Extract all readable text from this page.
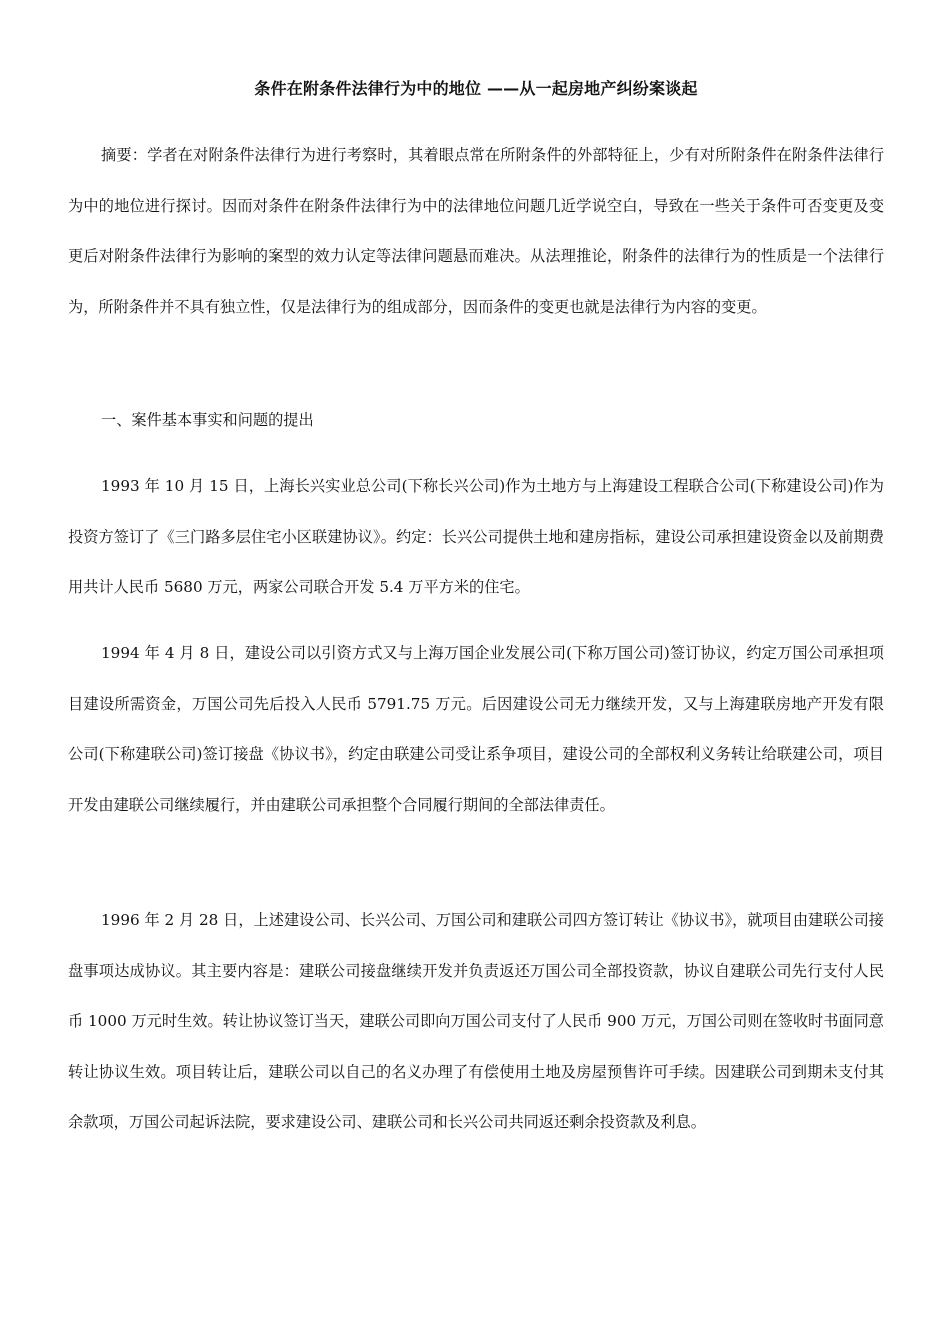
条件在附条件法律行为中的地位 ——从一起房地产纠纷案谈起

摘要：学者在对附条件法律行为进行考察时，其着眼点常在所附条件的外部特征上，少有对所附条件在附条件法律行为中的地位进行探讨。因而对条件在附条件法律行为中的法律地位问题几近学说空白，导致在一些关于条件可否变更及变更后对附条件法律行为影响的案型的效力认定等法律问题悬而难决。从法理推论，附条件的法律行为的性质是一个法律行为，所附条件并不具有独立性，仅是法律行为的组成部分，因而条件的变更也就是法律行为内容的变更。

一、案件基本事实和问题的提出

1993 年 10 月 15 日，上海长兴实业总公司(下称长兴公司)作为土地方与上海建设工程联合公司(下称建设公司)作为投资方签订了《三门路多层住宅小区联建协议》。约定：长兴公司提供土地和建房指标，建设公司承担建设资金以及前期费用共计人民币 5680 万元，两家公司联合开发 5.4 万平方米的住宅。

1994 年 4 月 8 日，建设公司以引资方式又与上海万国企业发展公司(下称万国公司)签订协议，约定万国公司承担项目建设所需资金，万国公司先后投入人民币 5791.75 万元。后因建设公司无力继续开发，又与上海建联房地产开发有限公司(下称建联公司)签订接盘《协议书》，约定由联建公司受让系争项目，建设公司的全部权利义务转让给联建公司，项目开发由建联公司继续履行，并由建联公司承担整个合同履行期间的全部法律责任。

1996 年 2 月 28 日，上述建设公司、长兴公司、万国公司和建联公司四方签订转让《协议书》，就项目由建联公司接盘事项达成协议。其主要内容是：建联公司接盘继续开发并负责返还万国公司全部投资款，协议自建联公司先行支付人民币 1000 万元时生效。转让协议签订当天，建联公司即向万国公司支付了人民币 900 万元，万国公司则在签收时书面同意转让协议生效。项目转让后，建联公司以自己的名义办理了有偿使用土地及房屋预售许可手续。因建联公司到期未支付其余款项，万国公司起诉法院，要求建设公司、建联公司和长兴公司共同返还剩余投资款及利息。
